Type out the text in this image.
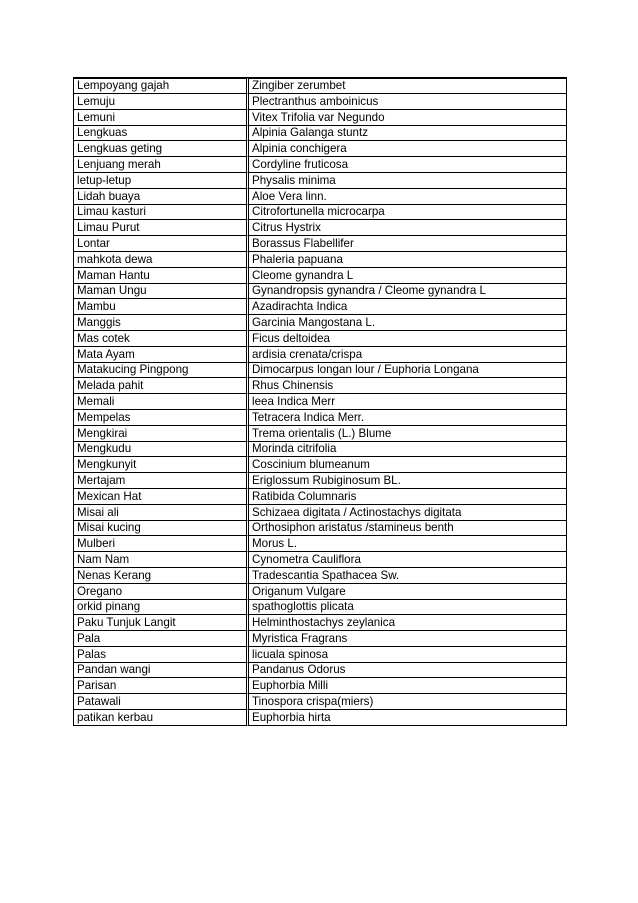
Lempoyang gajah	Zingiber zerumbet
Lemuju	Plectranthus amboinicus
Lemuni	Vitex Trifolia var Negundo
Lengkuas	Alpinia Galanga stuntz
Lengkuas geting	Alpinia conchigera
Lenjuang merah	Cordyline fruticosa
letup-letup	Physalis minima
Lidah buaya	Aloe Vera linn.
Limau kasturi	Citrofortunella microcarpa
Limau Purut	Citrus Hystrix
Lontar	Borassus Flabellifer
mahkota dewa	Phaleria papuana
Maman Hantu	Cleome gynandra L
Maman Ungu	Gynandropsis gynandra / Cleome gynandra L
Mambu	Azadirachta Indica
Manggis	Garcinia Mangostana L.
Mas cotek	Ficus deltoidea
Mata Ayam	ardisia crenata/crispa
Matakucing Pingpong	Dimocarpus longan lour / Euphoria Longana
Melada pahit	Rhus Chinensis
Memali	leea Indica Merr
Mempelas	Tetracera Indica Merr.
Mengkirai	Trema orientalis (L.) Blume
Mengkudu	Morinda citrifolia
Mengkunyit	Coscinium blumeanum
Mertajam	Eriglossum Rubiginosum BL.
Mexican Hat	Ratibida Columnaris
Misai ali	Schizaea digitata / Actinostachys digitata
Misai kucing	Orthosiphon aristatus /stamineus benth
Mulberi	Morus L.
Nam Nam	Cynometra Cauliflora
Nenas Kerang	Tradescantia Spathacea Sw.
Oregano	Origanum Vulgare
orkid pinang	spathoglottis plicata
Paku Tunjuk Langit	Helminthostachys zeylanica
Pala	Myristica Fragrans
Palas	licuala spinosa
Pandan wangi	Pandanus Odorus
Parisan	Euphorbia Milli
Patawali	Tinospora crispa(miers)
patikan kerbau	Euphorbia hirta
